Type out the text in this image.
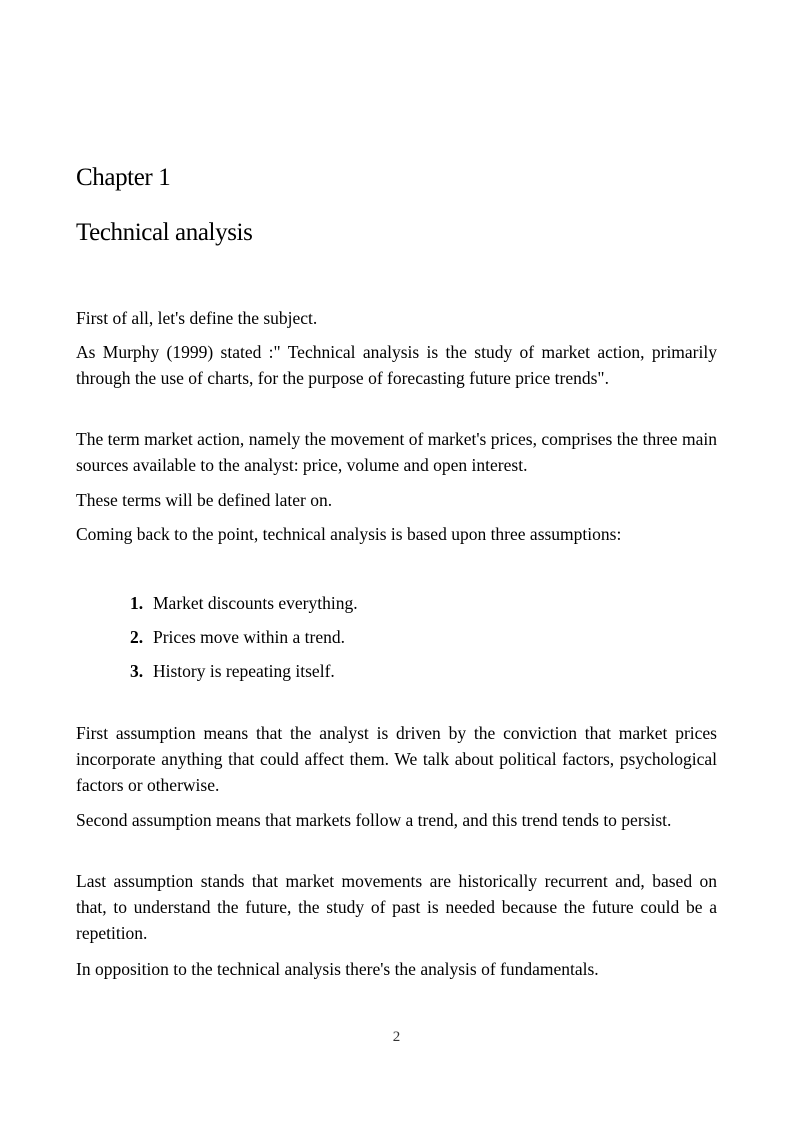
Chapter 1
Technical analysis

First of all, let's define the subject.

As Murphy (1999) stated :" Technical analysis is the study of market action, primarily through the use of charts, for the purpose of forecasting future price trends".

The term market action, namely the movement of market's prices, comprises the three main sources available to the analyst: price, volume and open interest.

These terms will be defined later on.

Coming back to the point, technical analysis is based upon three assumptions:

1. Market discounts everything.
2. Prices move within a trend.
3. History is repeating itself.

First assumption means that the analyst is driven by the conviction that market prices incorporate anything that could affect them. We talk about political factors, psychological factors or otherwise.

Second assumption means that markets follow a trend, and this trend tends to persist.

Last assumption stands that market movements are historically recurrent and, based on that, to understand the future, the study of past is needed because the future could be a repetition.

In opposition to the technical analysis there's the analysis of fundamentals.

2
